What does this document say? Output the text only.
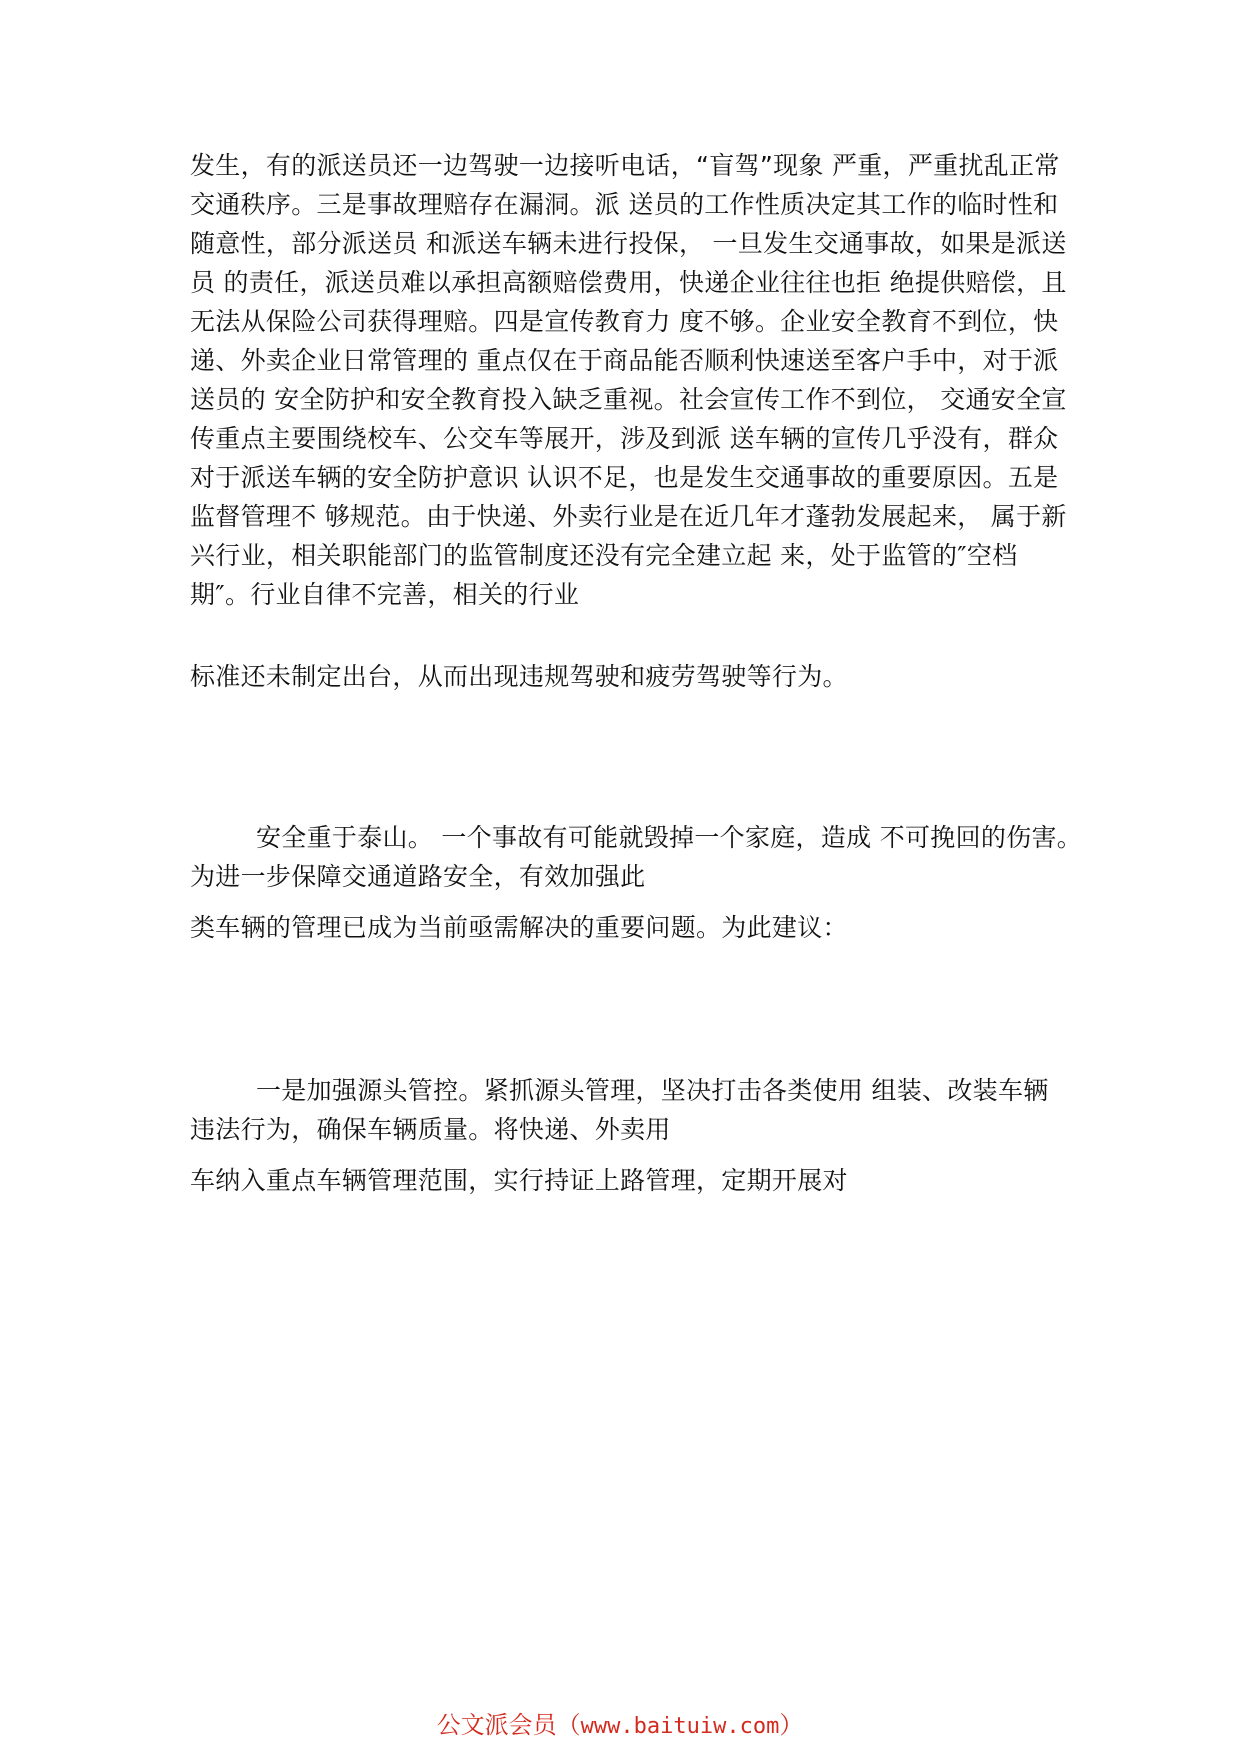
发生，有的派送员还一边驾驶一边接听电话，“盲驾”现象 严重，严重扰乱正常
交通秩序。三是事故理赔存在漏洞。派 送员的工作性质决定其工作的临时性和
随意性，部分派送员 和派送车辆未进行投保， 一旦发生交通事故，如果是派送
员 的责任，派送员难以承担高额赔偿费用，快递企业往往也拒 绝提供赔偿，且
无法从保险公司获得理赔。四是宣传教育力 度不够。企业安全教育不到位，快
递、外卖企业日常管理的 重点仅在于商品能否顺利快速送至客户手中，对于派
送员的 安全防护和安全教育投入缺乏重视。社会宣传工作不到位， 交通安全宣
传重点主要围绕校车、公交车等展开，涉及到派 送车辆的宣传几乎没有，群众
对于派送车辆的安全防护意识 认识不足，也是发生交通事故的重要原因。五是
监督管理不 够规范。由于快递、外卖行业是在近几年才蓬勃发展起来， 属于新
兴行业，相关职能部门的监管制度还没有完全建立起 来，处于监管的″空档
期″。行业自律不完善，相关的行业

标准还未制定出台，从而出现违规驾驶和疲劳驾驶等行为。

安全重于泰山。 一个事故有可能就毁掉一个家庭，造成 不可挽回的伤害。
为进一步保障交通道路安全，有效加强此

类车辆的管理已成为当前亟需解决的重要问题。为此建议：

一是加强源头管控。紧抓源头管理，坚决打击各类使用 组装、改装车辆
违法行为，确保车辆质量。将快递、外卖用

车纳入重点车辆管理范围，实行持证上路管理，定期开展对

公文派会员（www.baituiw.com）
